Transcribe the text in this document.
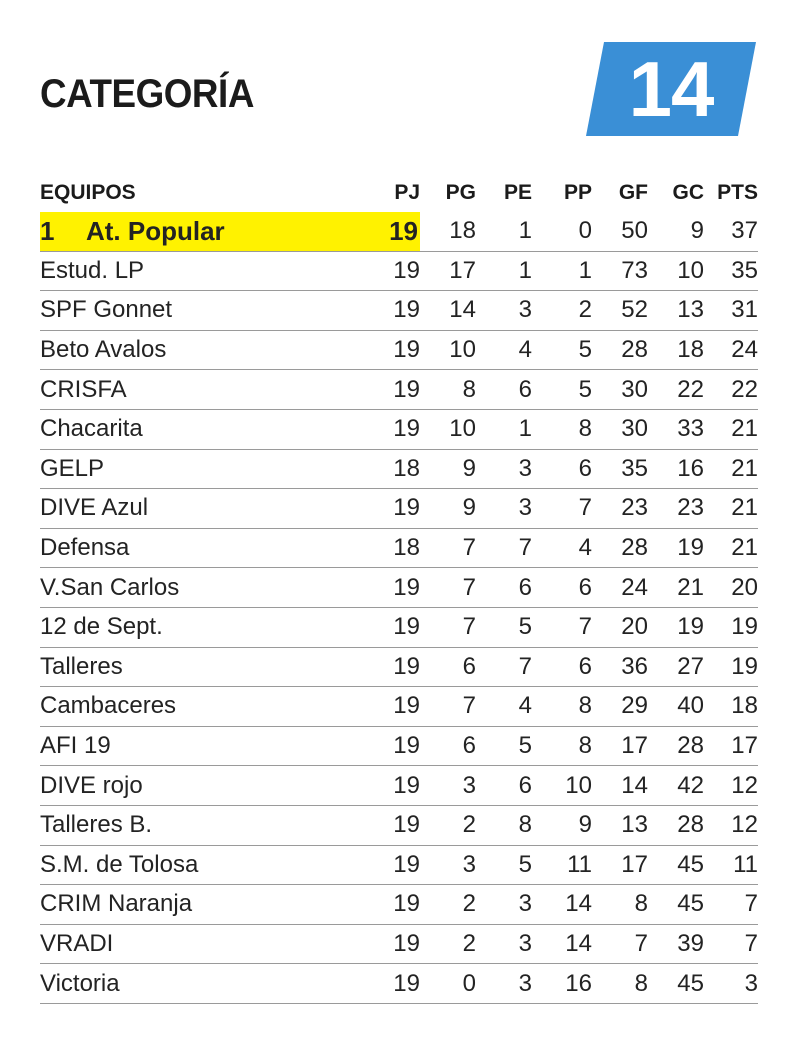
CATEGORÍA	14
EQUIPOS	PJ	PG	PE	PP	GF	GC	PTS
1 At. Popular	19	18	1	0	50	9	37
Estud. LP	19	17	1	1	73	10	35
SPF Gonnet	19	14	3	2	52	13	31
Beto Avalos	19	10	4	5	28	18	24
CRISFA	19	8	6	5	30	22	22
Chacarita	19	10	1	8	30	33	21
GELP	18	9	3	6	35	16	21
DIVE Azul	19	9	3	7	23	23	21
Defensa	18	7	7	4	28	19	21
V.San Carlos	19	7	6	6	24	21	20
12 de Sept.	19	7	5	7	20	19	19
Talleres	19	6	7	6	36	27	19
Cambaceres	19	7	4	8	29	40	18
AFI 19	19	6	5	8	17	28	17
DIVE rojo	19	3	6	10	14	42	12
Talleres B.	19	2	8	9	13	28	12
S.M. de Tolosa	19	3	5	11	17	45	11
CRIM Naranja	19	2	3	14	8	45	7
VRADI	19	2	3	14	7	39	7
Victoria	19	0	3	16	8	45	3
